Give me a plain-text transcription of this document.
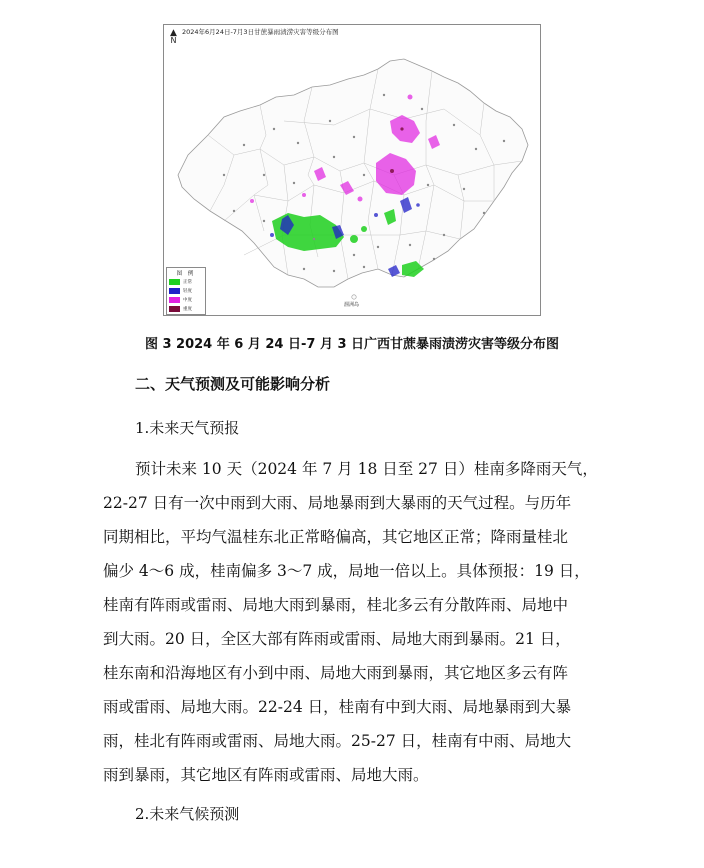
▲
N
2024年6月24日-7月3日甘蔗暴雨渍涝灾害等级分布图
涠洲岛
图 例
正常
轻度
中度
重度
图 3 2024 年 6 月 24 日-7 月 3 日广西甘蔗暴雨渍涝灾害等级分布图
二、天气预测及可能影响分析
1.未来天气预报
预计未来 10 天（2024 年 7 月 18 日至 27 日）桂南多降雨天气，
22-27 日有一次中雨到大雨、局地暴雨到大暴雨的天气过程。与历年
同期相比，平均气温桂东北正常略偏高，其它地区正常；降雨量桂北
偏少 4～6 成，桂南偏多 3～7 成，局地一倍以上。具体预报：19 日，
桂南有阵雨或雷雨、局地大雨到暴雨，桂北多云有分散阵雨、局地中
到大雨。20 日，全区大部有阵雨或雷雨、局地大雨到暴雨。21 日，
桂东南和沿海地区有小到中雨、局地大雨到暴雨，其它地区多云有阵
雨或雷雨、局地大雨。22-24 日，桂南有中到大雨、局地暴雨到大暴
雨，桂北有阵雨或雷雨、局地大雨。25-27 日，桂南有中雨、局地大
雨到暴雨，其它地区有阵雨或雷雨、局地大雨。
2.未来气候预测
